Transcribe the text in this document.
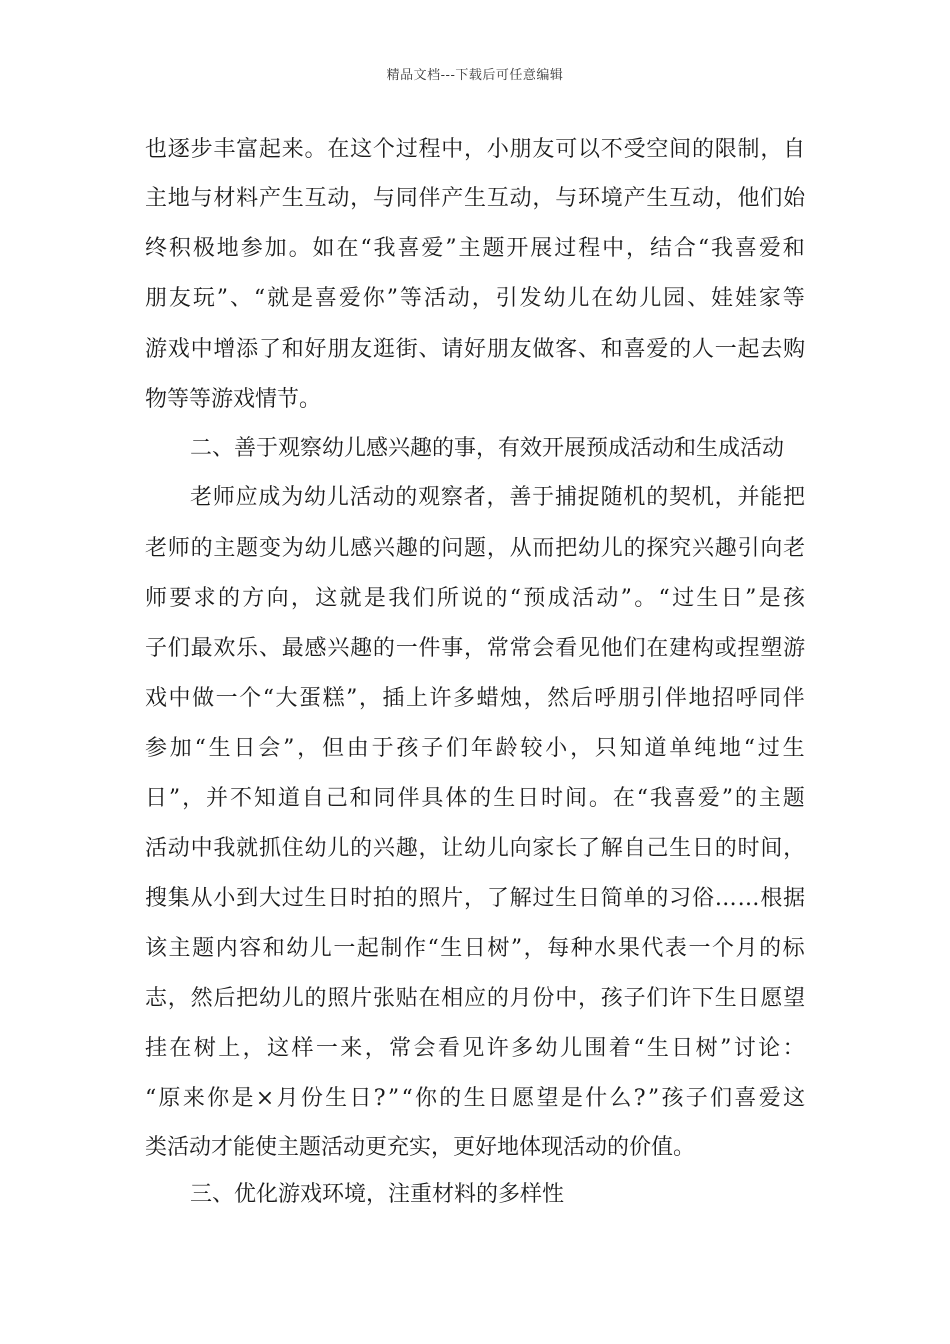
精品文档---下载后可任意编辑
也逐步丰富起来。在这个过程中，小朋友可以不受空间的限制，自
主地与材料产生互动，与同伴产生互动，与环境产生互动，他们始
终积极地参加。如在“我喜爱”主题开展过程中，结合“我喜爱和
朋友玩”、“就是喜爱你”等活动，引发幼儿在幼儿园、娃娃家等
游戏中增添了和好朋友逛街、请好朋友做客、和喜爱的人一起去购
物等等游戏情节。
二、善于观察幼儿感兴趣的事，有效开展预成活动和生成活动
老师应成为幼儿活动的观察者，善于捕捉随机的契机，并能把
老师的主题变为幼儿感兴趣的问题，从而把幼儿的探究兴趣引向老
师要求的方向，这就是我们所说的“预成活动”。“过生日”是孩
子们最欢乐、最感兴趣的一件事，常常会看见他们在建构或捏塑游
戏中做一个“大蛋糕”，插上许多蜡烛，然后呼朋引伴地招呼同伴
参加“生日会”，但由于孩子们年龄较小，只知道单纯地“过生
日”，并不知道自己和同伴具体的生日时间。在“我喜爱”的主题
活动中我就抓住幼儿的兴趣，让幼儿向家长了解自己生日的时间，
搜集从小到大过生日时拍的照片，了解过生日简单的习俗……根据
该主题内容和幼儿一起制作“生日树”，每种水果代表一个月的标
志，然后把幼儿的照片张贴在相应的月份中，孩子们许下生日愿望
挂在树上，这样一来，常会看见许多幼儿围着“生日树”讨论：
“原来你是×月份生日?”“你的生日愿望是什么?”孩子们喜爱这
类活动才能使主题活动更充实，更好地体现活动的价值。
三、优化游戏环境，注重材料的多样性
